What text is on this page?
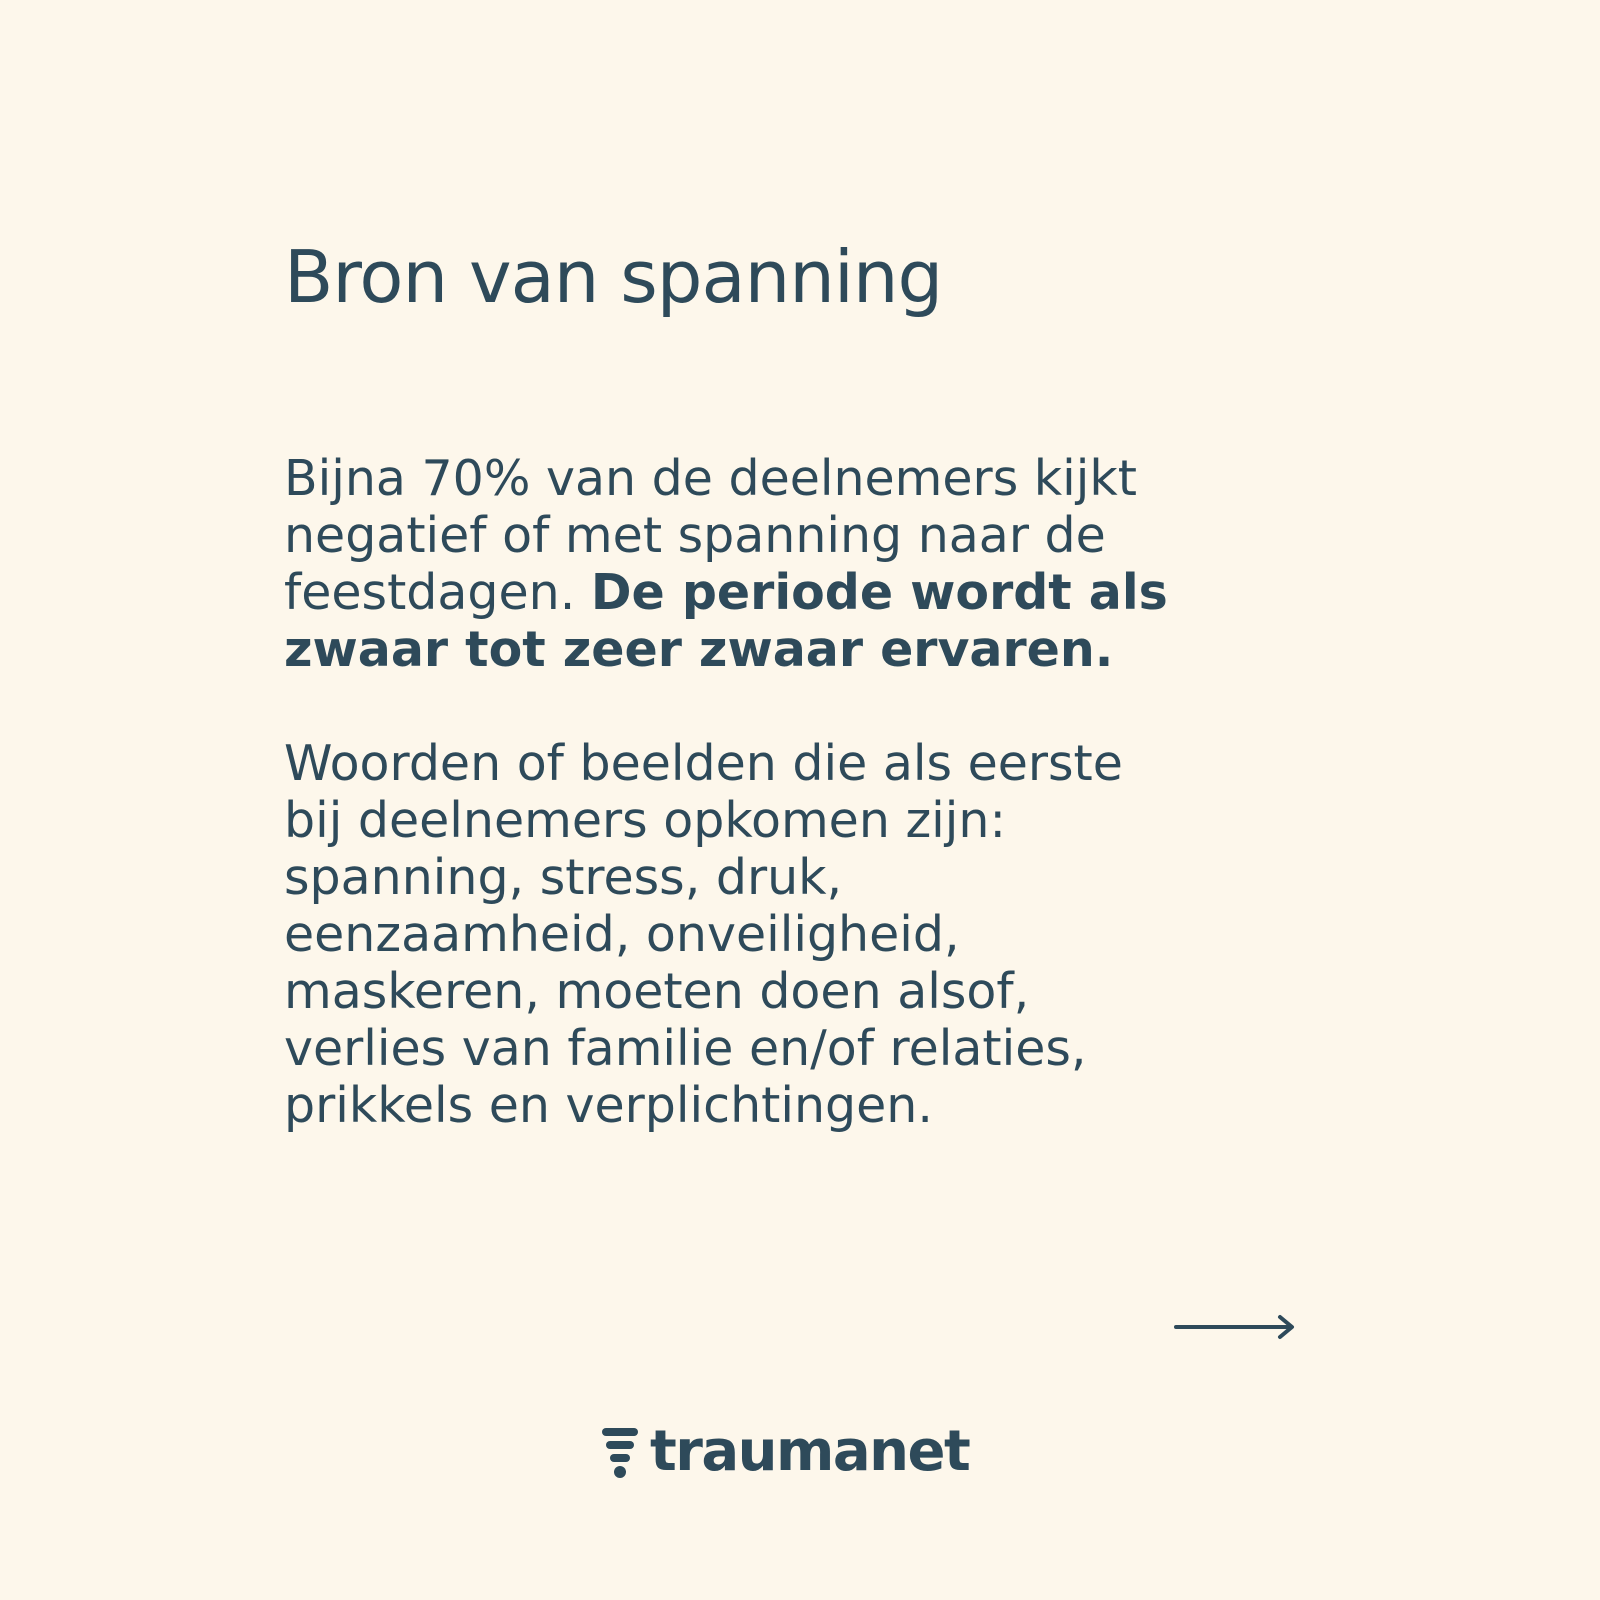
Bron van spanning
Bijna 70% van de deelnemers kijkt
negatief of met spanning naar de
feestdagen. De periode wordt als
zwaar tot zeer zwaar ervaren.
Woorden of beelden die als eerste
bij deelnemers opkomen zijn:
spanning, stress, druk,
eenzaamheid, onveiligheid,
maskeren, moeten doen alsof,
verlies van familie en/of relaties,
prikkels en verplichtingen.
traumanet
